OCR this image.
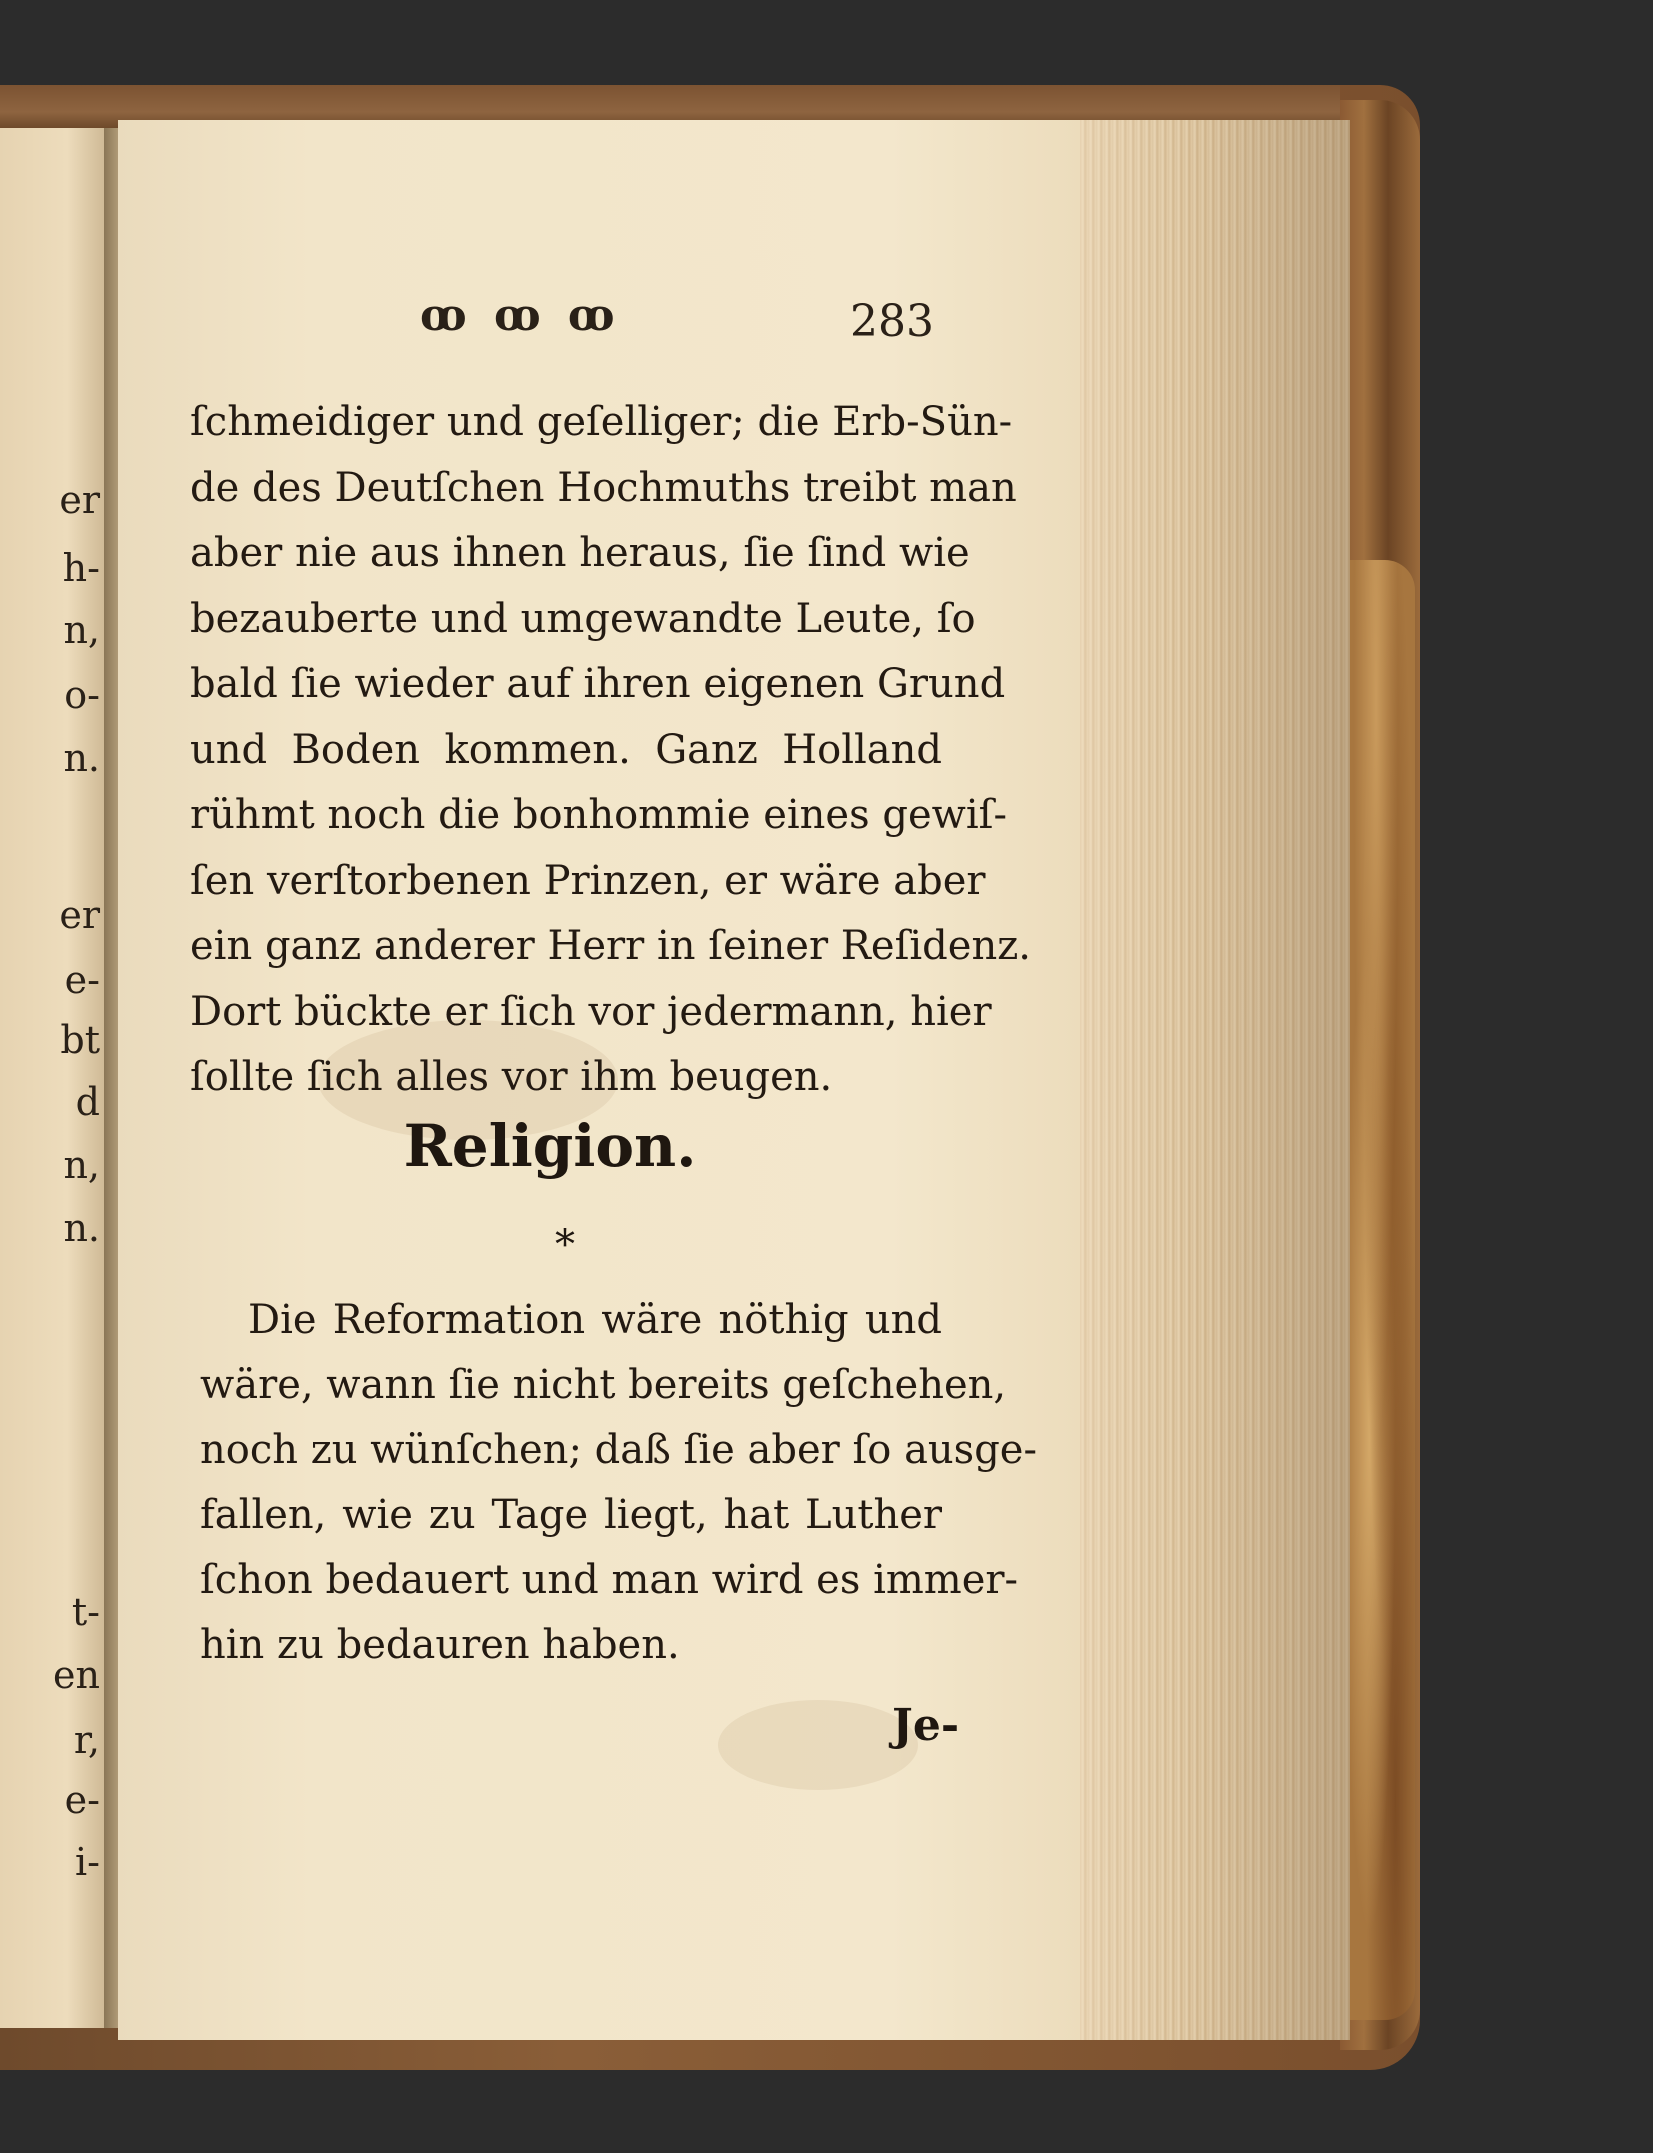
er
h-
n,
o-
n.
er
e-
bt
d
n,
n.
t-
en
r,
e-
i-
ꝏ ꝏ ꝏ	283
ſchmeidiger und geſelliger; die Erb-Sün-
de des Deutſchen Hochmuths treibt man
aber nie aus ihnen heraus, ſie ſind wie
bezauberte und umgewandte Leute, ſo
bald ſie wieder auf ihren eigenen Grund
und Boden kommen. Ganz Holland
rühmt noch die bonhommie eines gewiſ-
ſen verſtorbenen Prinzen, er wäre aber
ein ganz anderer Herr in ſeiner Reſidenz.
Dort bückte er ſich vor jedermann, hier
ſollte ſich alles vor ihm beugen.
Religion.
*
Die Reformation wäre nöthig und
wäre, wann ſie nicht bereits geſchehen,
noch zu wünſchen; daß ſie aber ſo ausge-
fallen, wie zu Tage liegt, hat Luther
ſchon bedauert und man wird es immer-
hin zu bedauren haben.
Je-
